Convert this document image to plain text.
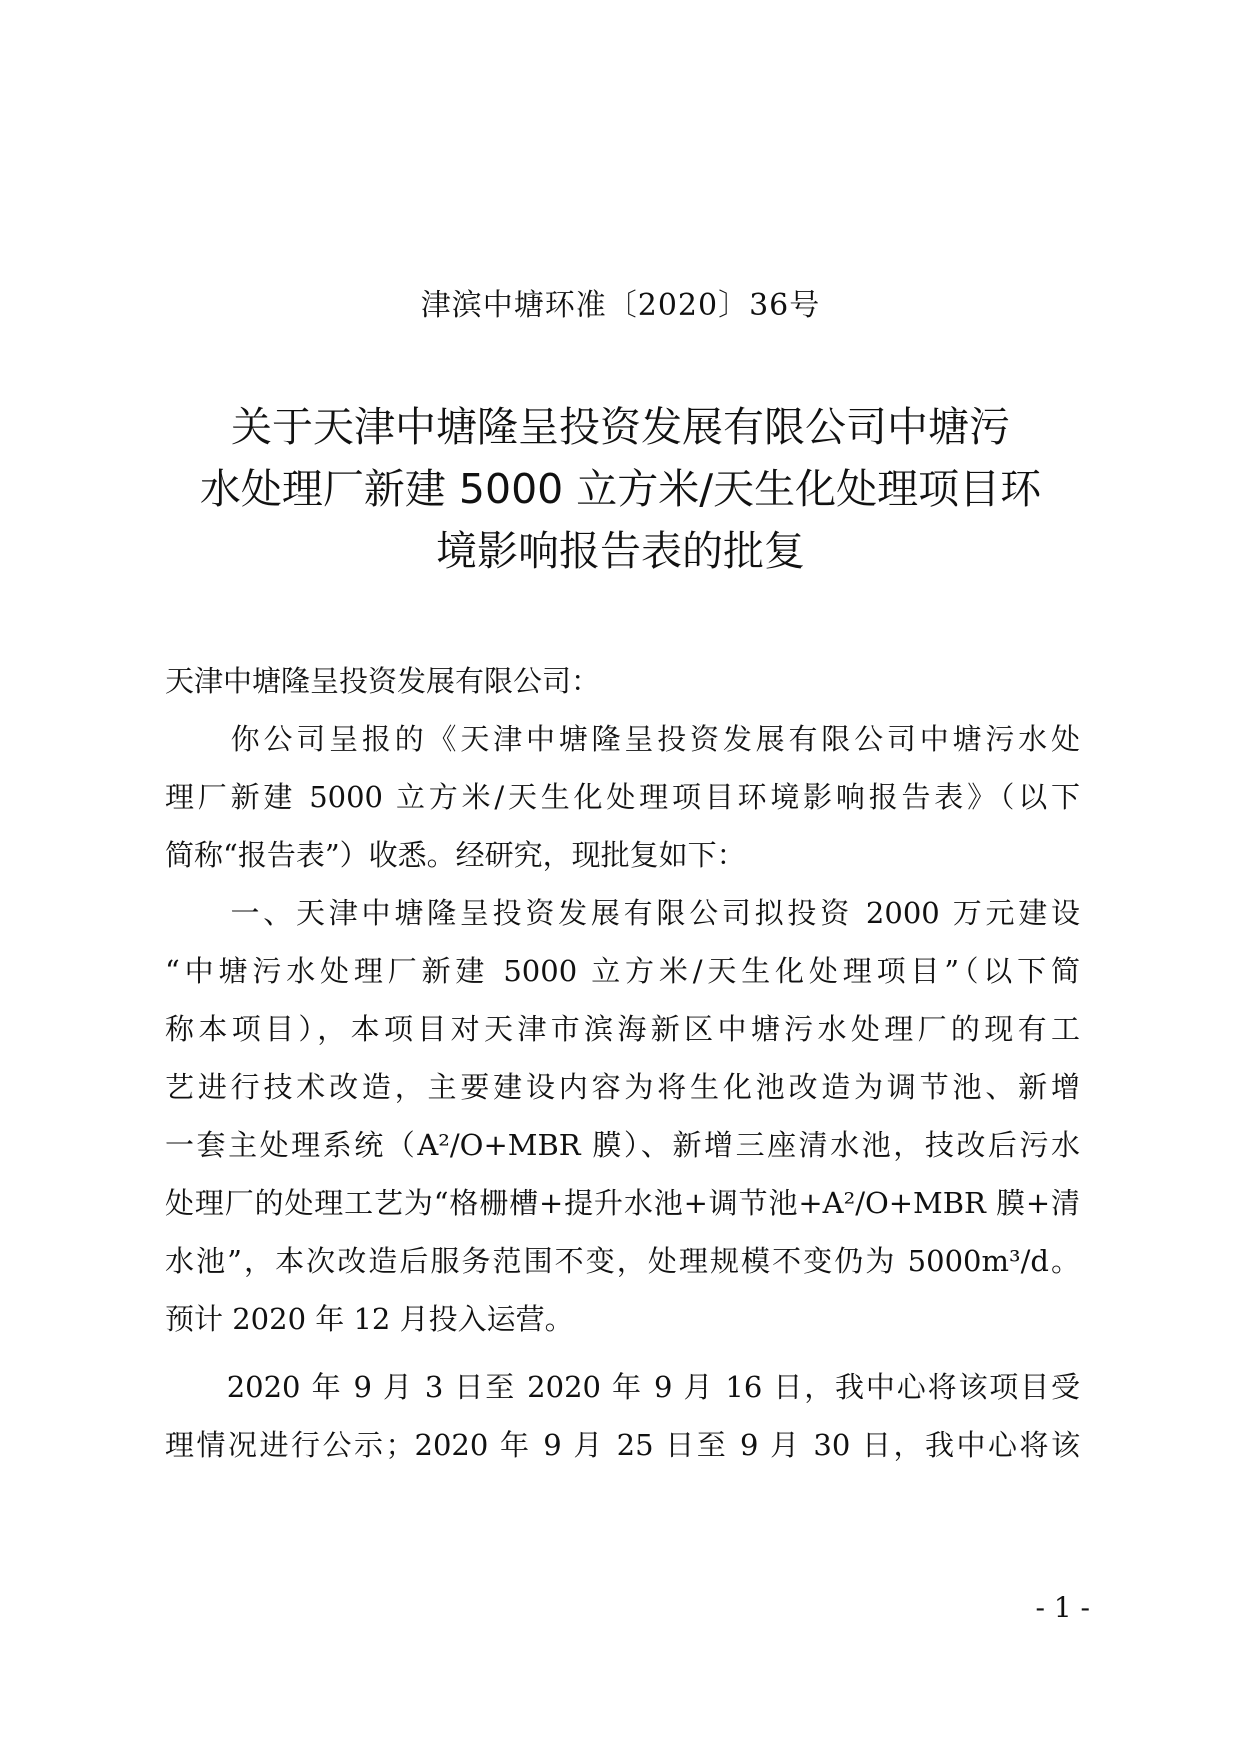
津滨中塘环准〔2020〕36号
关于天津中塘隆呈投资发展有限公司中塘污
水处理厂新建 5000 立方米/天生化处理项目环
境影响报告表的批复
天津中塘隆呈投资发展有限公司：
　　你公司呈报的《天津中塘隆呈投资发展有限公司中塘污水处
理厂新建 5000 立方米/天生化处理项目环境影响报告表》（以下
简称“报告表”）收悉。经研究，现批复如下：
　　一、天津中塘隆呈投资发展有限公司拟投资 2000 万元建设
“中塘污水处理厂新建 5000 立方米/天生化处理项目”（以下简
称本项目），本项目对天津市滨海新区中塘污水处理厂的现有工
艺进行技术改造，主要建设内容为将生化池改造为调节池、新增
一套主处理系统（A²/O+MBR 膜）、新增三座清水池，技改后污水
处理厂的处理工艺为“格栅槽+提升水池+调节池+A²/O+MBR 膜+清
水池”，本次改造后服务范围不变，处理规模不变仍为 5000m³/d。
预计 2020 年 12 月投入运营。
　　2020 年 9 月 3 日至 2020 年 9 月 16 日，我中心将该项目受
理情况进行公示；2020 年 9 月 25 日至 9 月 30 日，我中心将该
- 1 -
